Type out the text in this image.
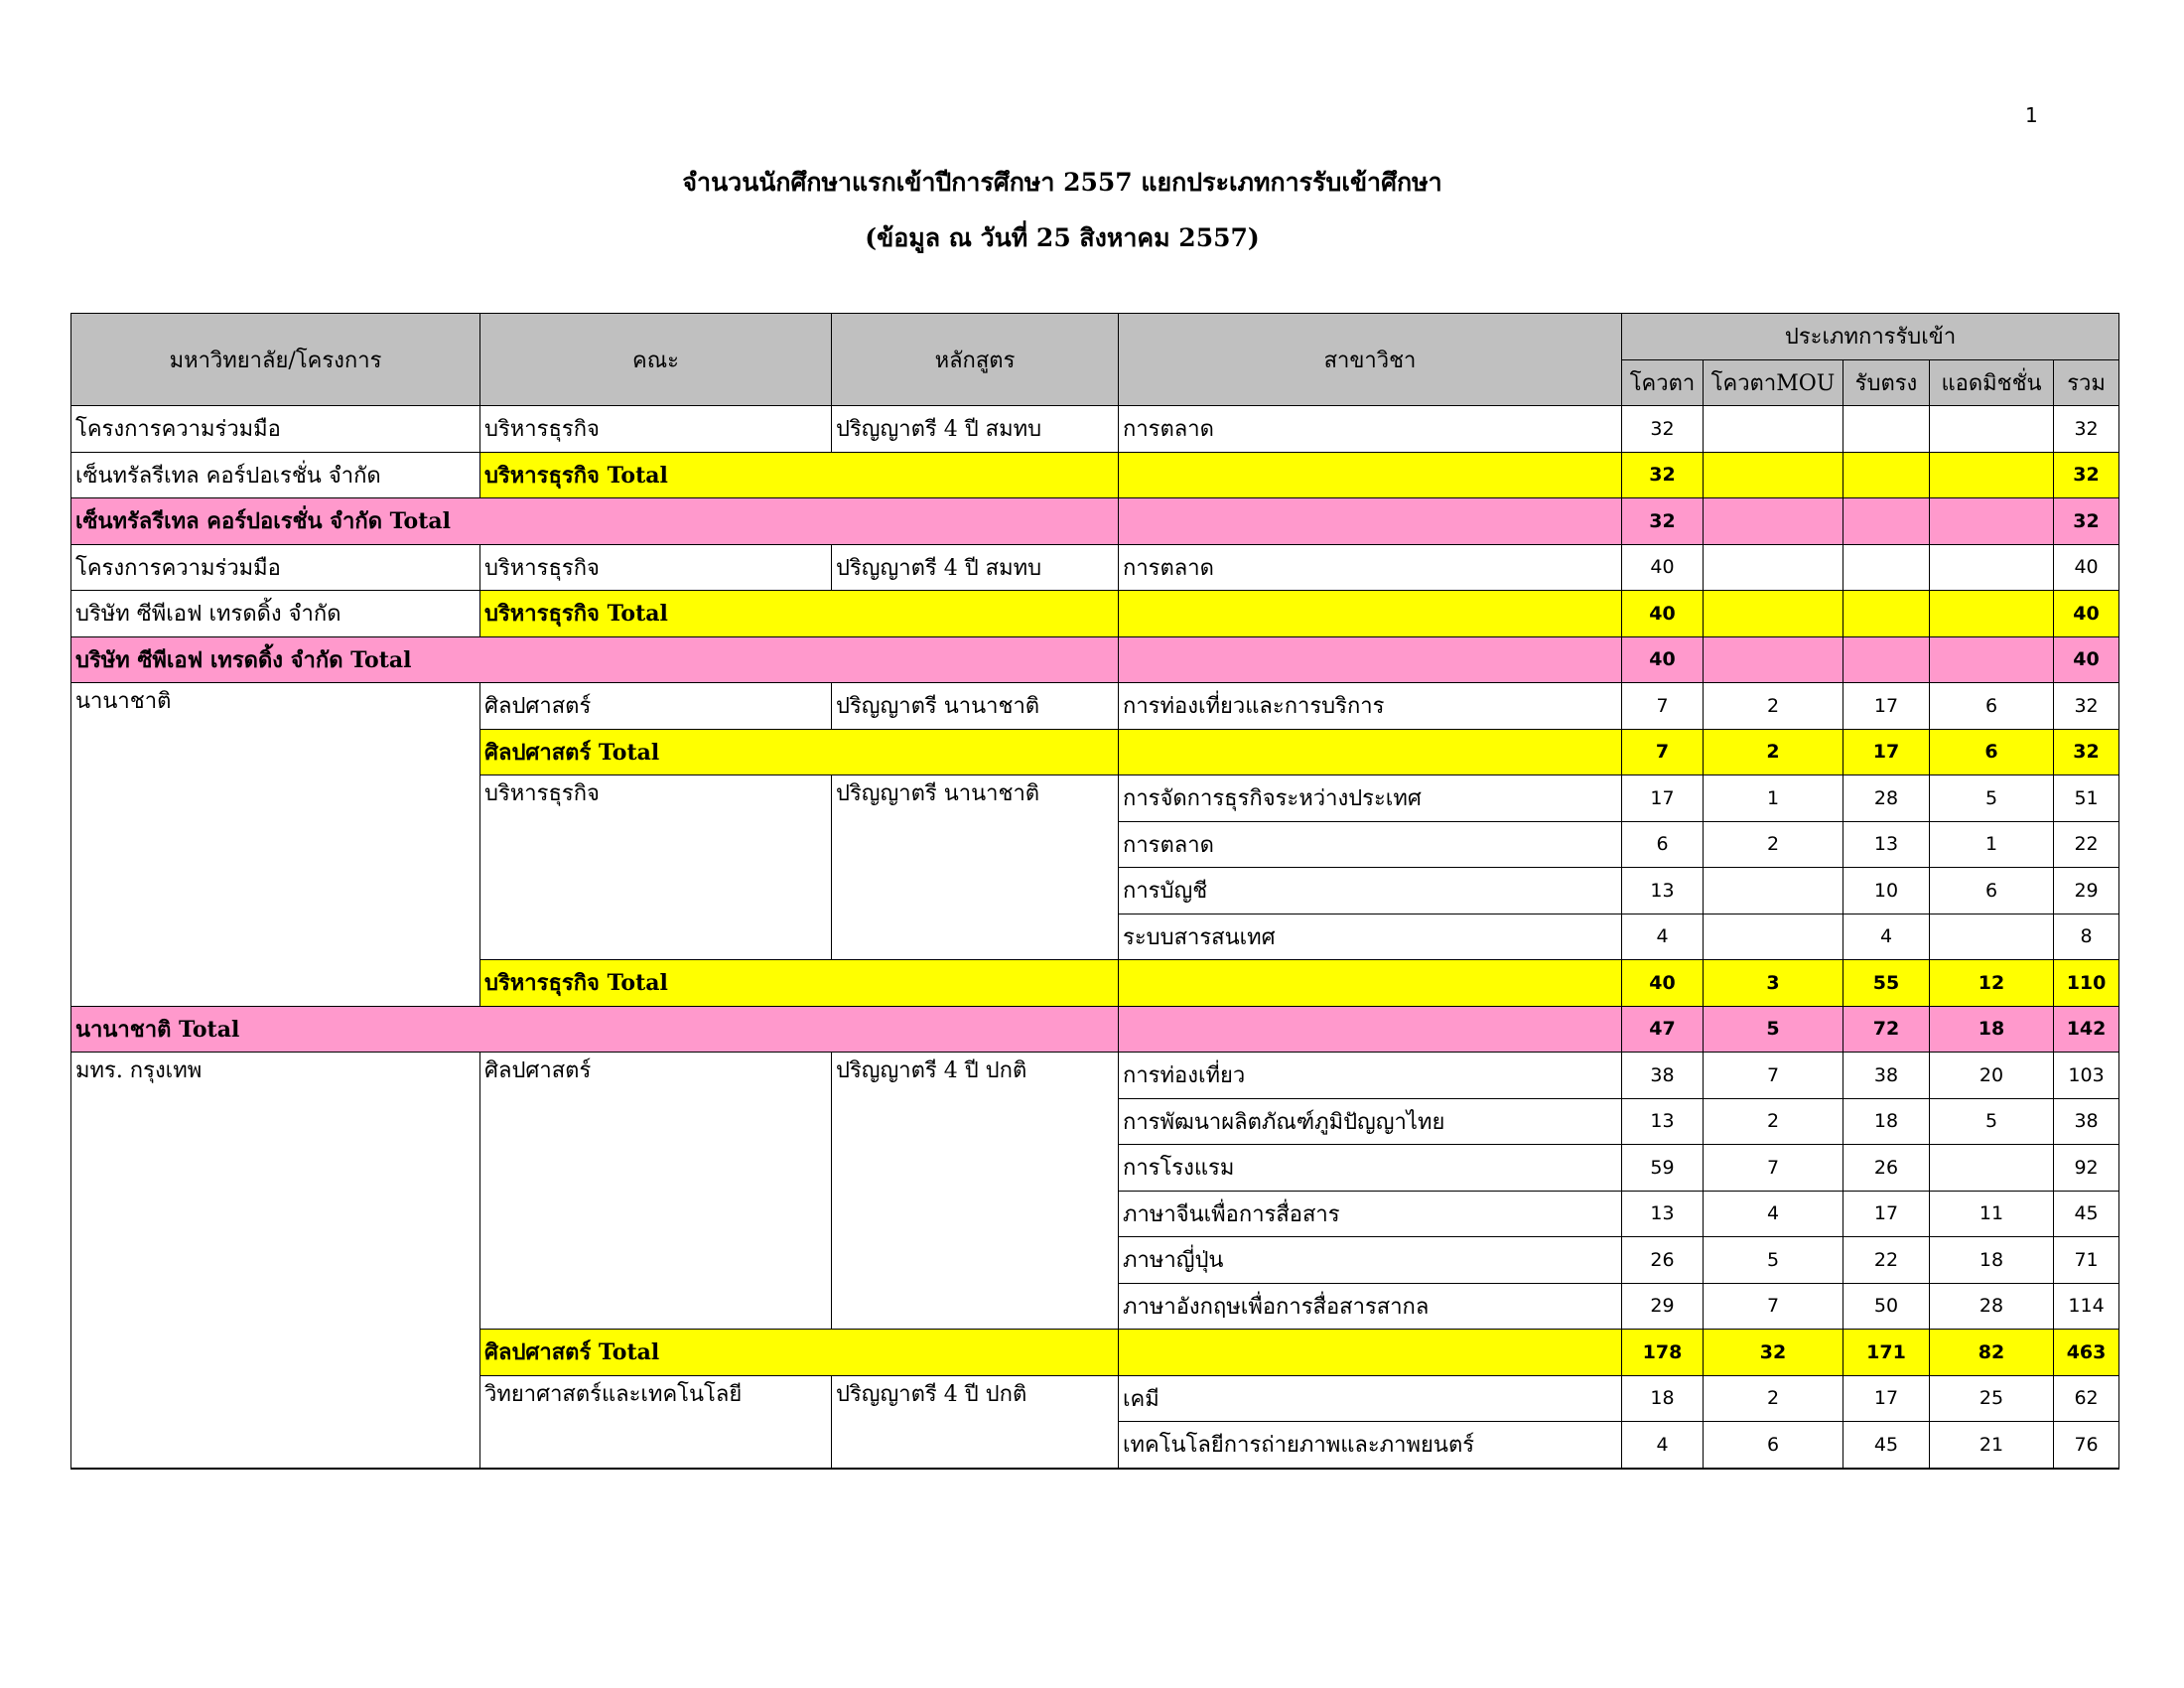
1
จำนวนนักศึกษาแรกเข้าปีการศึกษา 2557 แยกประเภทการรับเข้าศึกษา
(ข้อมูล ณ วันที่ 25 สิงหาคม 2557)
มหาวิทยาลัย/โครงการ	คณะ	หลักสูตร	สาขาวิชา	ประเภทการรับเข้า				
				โควตา	โควตาMOU	รับตรง	แอดมิชชั่น	รวม
โครงการความร่วมมือ	บริหารธุรกิจ	ปริญญาตรี 4 ปี สมทบ	การตลาด	32				32
เซ็นทรัลรีเทล คอร์ปอเรชั่น จำกัด	บริหารธุรกิจ Total			32				32
เซ็นทรัลรีเทล คอร์ปอเรชั่น จำกัด Total				32				32
โครงการความร่วมมือ	บริหารธุรกิจ	ปริญญาตรี 4 ปี สมทบ	การตลาด	40				40
บริษัท ซีพีเอฟ เทรดดิ้ง จำกัด	บริหารธุรกิจ Total			40				40
บริษัท ซีพีเอฟ เทรดดิ้ง จำกัด Total				40				40
นานาชาติ	ศิลปศาสตร์	ปริญญาตรี นานาชาติ	การท่องเที่ยวและการบริการ	7	2	17	6	32
	ศิลปศาสตร์ Total			7	2	17	6	32
	บริหารธุรกิจ	ปริญญาตรี นานาชาติ	การจัดการธุรกิจระหว่างประเทศ	17	1	28	5	51
			การตลาด	6	2	13	1	22
			การบัญชี	13		10	6	29
			ระบบสารสนเทศ	4		4		8
	บริหารธุรกิจ Total			40	3	55	12	110
นานาชาติ Total				47	5	72	18	142
มทร. กรุงเทพ	ศิลปศาสตร์	ปริญญาตรี 4 ปี ปกติ	การท่องเที่ยว	38	7	38	20	103
			การพัฒนาผลิตภัณฑ์ภูมิปัญญาไทย	13	2	18	5	38
			การโรงแรม	59	7	26		92
			ภาษาจีนเพื่อการสื่อสาร	13	4	17	11	45
			ภาษาญี่ปุ่น	26	5	22	18	71
			ภาษาอังกฤษเพื่อการสื่อสารสากล	29	7	50	28	114
	ศิลปศาสตร์ Total			178	32	171	82	463
	วิทยาศาสตร์และเทคโนโลยี	ปริญญาตรี 4 ปี ปกติ	เคมี	18	2	17	25	62
			เทคโนโลยีการถ่ายภาพและภาพยนตร์	4	6	45	21	76
